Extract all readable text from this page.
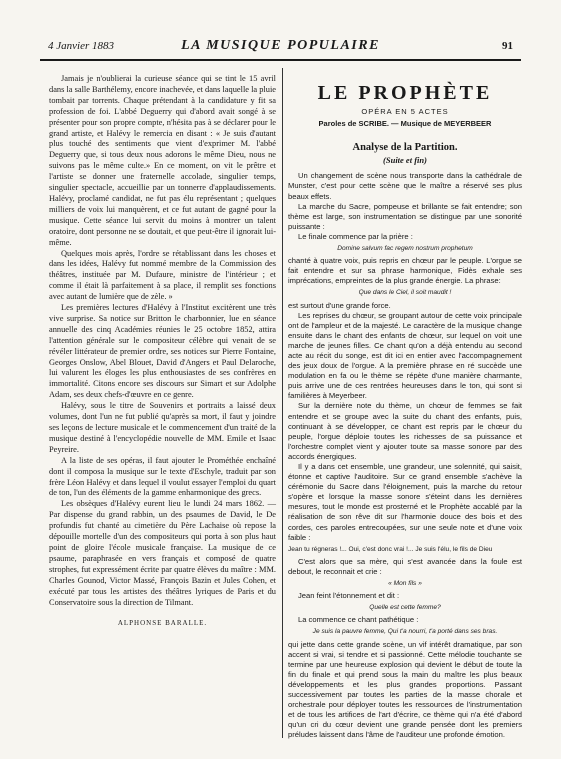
4 Janvier 1883	LA MUSIQUE POPULAIRE	91

Jamais je n'oublierai la curieuse séance qui se tint le 15 avril dans la salle Barthélemy, encore inachevée, et dans laquelle la pluie tombait par torrents. Chaque prétendant à la candidature y fit sa profession de foi. L'abbé Deguerry qui d'abord avait songé à se présenter pour son propre compte, n'hésita pas à se déclarer pour le grand artiste, et Halévy le remercia en disant : « Je suis d'autant plus touché des sentiments que vient d'exprimer M. l'abbé Deguerry que, si tous deux nous adorons le même Dieu, nous ne suivons pas le même culte.» En ce moment, on vit le prêtre et l'artiste se donner une fraternelle accolade, singulier temps, singulier spectacle, accueillie par un tonnerre d'applaudissements. Halévy, proclamé candidat, ne fut pas élu représentant ; quelques milliers de voix lui manquèrent, et ce fut autant de gagné pour la musique. Cette séance lui servit du moins à montrer un talent oratoire, dont personne ne se doutait, et que peut-être il ignorait lui-même.

Quelques mois après, l'ordre se rétablissant dans les choses et dans les idées, Halévy fut nommé membre de la Commission des théâtres, instituée par M. Dufaure, ministre de l'intérieur ; et comme il était là parfaitement à sa place, il remplit ses fonctions avec autant de lumière que de zèle. »

Les premières lectures d'Halévy à l'Institut excitèrent une très vive surprise. Sa notice sur Britton le charbonnier, lue en séance annuelle des cinq Académies réunies le 25 octobre 1852, attira l'attention générale sur le compositeur célèbre qui venait de se révéler littérateur de premier ordre, ses notices sur Pierre Fontaine, Georges Onslow, Abel Blouet, David d'Angers et Paul Delaroche, lui valurent les éloges les plus enthousiastes de ses confrères en immortalité. Citons encore ses discours sur Simart et sur Adolphe Adam, ses deux chefs-d'œuvre en ce genre.

Halévy, sous le titre de Souvenirs et portraits a laissé deux volumes, dont l'un ne fut publié qu'après sa mort, il faut y joindre ses leçons de lecture musicale et le commencement d'un traité de la musique destiné à l'encyclopédie nouvelle de MM. Emile et Isaac Peyreire.

A la liste de ses opéras, il faut ajouter le Prométhée enchaîné dont il composa la musique sur le texte d'Eschyle, traduit par son frère Léon Halévy et dans lequel il voulut essayer l'emploi du quart de ton, l'un des éléments de la gamme enharmonique des grecs.

Les obsèques d'Halévy eurent lieu le lundi 24 mars 1862. — Par dispense du grand rabbin, un des psaumes de David, le De profundis fut chanté au cimetière du Père Lachaise où repose la dépouille mortelle d'un des compositeurs qui porta à son plus haut point de gloire l'école musicale française. La musique de ce psaume, paraphrasée en vers français et composé de quatre strophes, fut expressément écrite par quatre élèves du maître : MM. Charles Gounod, Victor Massé, François Bazin et Jules Cohen, et exécuté par tous les artistes des théâtres lyriques de Paris et du Conservatoire sous la direction de Tilmant.

ALPHONSE BARALLE.

LE PROPHÈTE
OPÉRA EN 5 ACTES
Paroles de SCRIBE. — Musique de MEYERBEER
Analyse de la Partition.
(Suite et fin)

Un changement de scène nous transporte dans la cathédrale de Munster, c'est pour cette scène que le maître a réservé ses plus beaux effets.

La marche du Sacre, pompeuse et brillante se fait entendre; son thème est large, son instrumentation se distingue par une sonorité puissante :

Le finale commence par la prière :

Domine salvum fac regem nostrum prophetum

chanté à quatre voix, puis repris en chœur par le peuple. L'orgue se fait entendre et sur sa phrase harmonique, Fidès exhale ses imprécations, empreintes de la plus grande énergie. La phrase:

Que dans le Ciel, il soit maudit !

est surtout d'une grande force.

Les reprises du chœur, se groupant autour de cette voix principale ont de l'ampleur et de la majesté. Le caractère de la musique change ensuite dans le chant des enfants de chœur, sur lequel on voit une marche de jeunes filles. Ce chant qu'on a déjà entendu au second acte au récit du songe, est dit ici en entier avec l'accompagnement des jeux doux de l'orgue. A la première phrase en ré succède une modulation en fa ou le thème se répète d'une manière charmante, puis arrive une de ces rentrées heureuses dans le ton, qui sont si familières à Meyerbeer.

Sur la dernière note du thème, un chœur de femmes se fait entendre et se groupe avec la suite du chant des enfants, puis, continuant à se développer, ce chant est repris par le chœur du peuple, l'orgue déploie toutes les richesses de sa puissance et l'orchestre complet vient y ajouter toute sa masse sonore par des accords énergiques.

Il y a dans cet ensemble, une grandeur, une solennité, qui saisit, étonne et captive l'auditoire. Sur ce grand ensemble s'achève la cérémonie du Sacre dans l'éloignement, puis la marche du retour s'opère et lorsque la masse sonore s'éteint dans les dernières mesures, tout le monde est prosterné et le Prophète accablé par la réalisation de son rêve dit sur l'harmonie douce des bois et des cordes, ces paroles entrecoupées, sur une seule note et d'une voix faible :

Jean tu régneras !... Oui, c'est donc vrai !... Je suis l'élu, le fils de Dieu

C'est alors que sa mère, qui s'est avancée dans la foule est debout, le reconnait et crie :

« Mon fils »

Jean feint l'étonnement et dit :

Quelle est cette femme?

La commence ce chant pathétique :

Je suis la pauvre femme, Qui t'a nourri, t'a porté dans ses bras.

qui jette dans cette grande scène, un vif intérêt dramatique, par son accent si vrai, si tendre et si passionné. Cette mélodie touchante se termine par une heureuse explosion qui devient le début de toute la fin du finale et qui prend sous la main du maître les plus beaux développements et les plus grandes proportions. Passant successivement par toutes les parties de la masse chorale et orchestrale pour déployer toutes les ressources de l'instrumentation et de tous les artifices de l'art d'écrire, ce thème qui n'a été d'abord qu'un cri du cœur devient une grande pensée dont les premiers préludes laissent dans l'âme de l'auditeur une profonde émotion.
